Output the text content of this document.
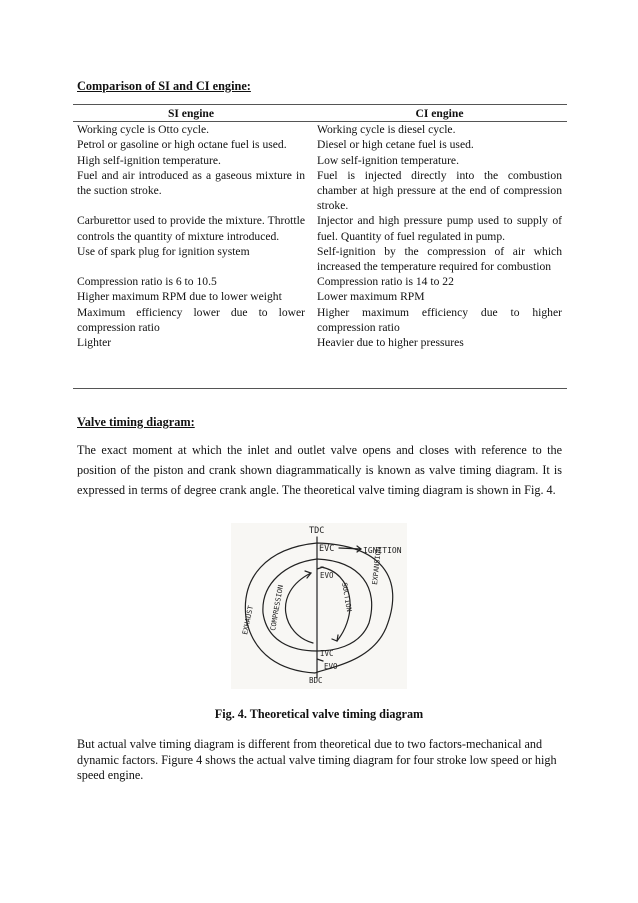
Comparison of SI and CI engine:
SI engine		CI engine
Working cycle is Otto cycle.		Working cycle is diesel cycle.
Petrol or gasoline or high octane fuel is used.		Diesel or high cetane fuel is used.
High self-ignition temperature.		Low self-ignition temperature.
Fuel and air introduced as a gaseous mixture in the suction stroke.		Fuel is injected directly into the combustion chamber at high pressure at the end of compression stroke.
Carburettor used to provide the mixture. Throttle controls the quantity of mixture introduced.		Injector and high pressure pump used to supply of fuel. Quantity of fuel regulated in pump.
Use of spark plug for ignition system		Self-ignition by the compression of air which increased the temperature required for combustion
Compression ratio is 6 to 10.5		Compression ratio is 14 to 22
Higher maximum RPM due to lower weight		Lower maximum RPM
Maximum efficiency lower due to lower compression ratio		Higher maximum efficiency due to higher compression ratio
Lighter		Heavier due to higher pressures
Valve timing diagram:
The exact moment at which the inlet and outlet valve opens and closes with reference to the position of the piston and crank shown diagrammatically is known as valve timing diagram. It is expressed in terms of degree crank angle. The theoretical valve timing diagram is shown in Fig. 4.
TDC
EVC	IGNITION
EVO
EXHAUST COMPRESSION	SUCTION
EXPANSION
IVC
EVO
BDC
Fig. 4. Theoretical valve timing diagram
But actual valve timing diagram is different from theoretical due to two factors-mechanical and dynamic factors. Figure 4 shows the actual valve timing diagram for four stroke low speed or high speed engine.
